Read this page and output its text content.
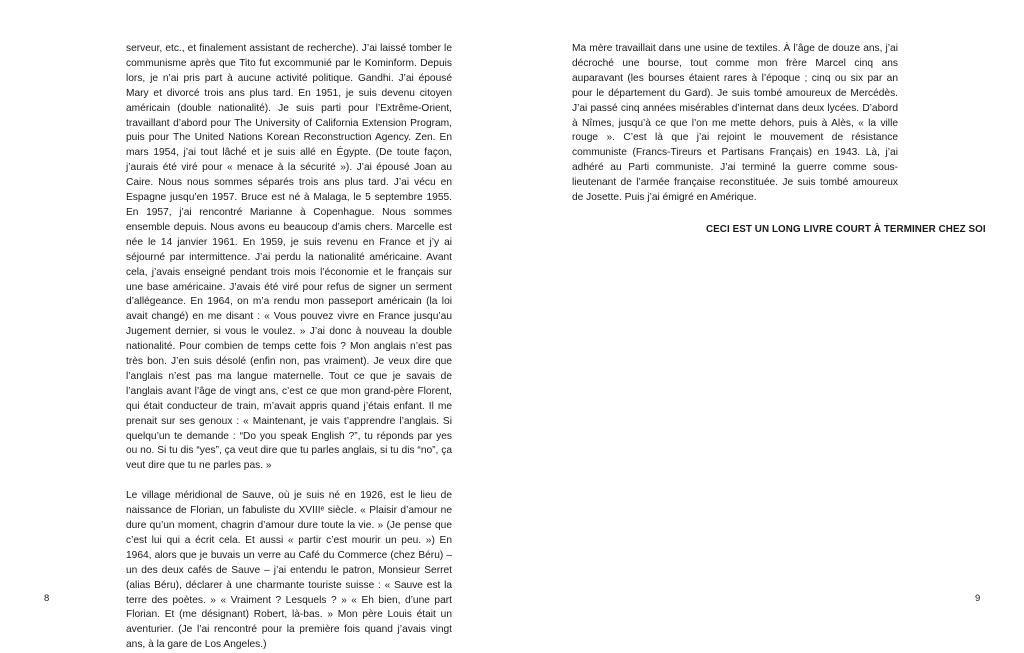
serveur, etc., et finalement assistant de recherche). J’ai laissé tomber le communisme après que Tito fut excommunié par le Kominform. Depuis lors, je n’ai pris part à aucune activité politique. Gandhi. J’ai épousé Mary et divorcé trois ans plus tard. En 1951, je suis devenu citoyen américain (double nationalité). Je suis parti pour l’Extrême-Orient, travaillant d’abord pour The University of California Extension Program, puis pour The United Nations Korean Reconstruction Agency. Zen. En mars 1954, j’ai tout lâché et je suis allé en Égypte. (De toute façon, j’aurais été viré pour « menace à la sécurité »). J’ai épousé Joan au Caire. Nous nous sommes séparés trois ans plus tard. J’ai vécu en Espagne jusqu’en 1957. Bruce est né à Malaga, le 5 septembre 1955. En 1957, j’ai rencontré Marianne à Copenhague. Nous sommes ensemble depuis. Nous avons eu beaucoup d’amis chers. Marcelle est née le 14 janvier 1961. En 1959, je suis revenu en France et j’y ai séjourné par intermittence. J’ai perdu la nationalité américaine. Avant cela, j’avais enseigné pendant trois mois l’économie et le français sur une base américaine. J’avais été viré pour refus de signer un serment d’allégeance. En 1964, on m’a rendu mon passeport américain (la loi avait changé) en me disant : « Vous pouvez vivre en France jusqu’au Jugement dernier, si vous le voulez. » J’ai donc à nouveau la double nationalité. Pour combien de temps cette fois ? Mon anglais n’est pas très bon. J’en suis désolé (enfin non, pas vraiment). Je veux dire que l’anglais n’est pas ma langue maternelle. Tout ce que je savais de l’anglais avant l’âge de vingt ans, c’est ce que mon grand-père Florent, qui était conducteur de train, m’avait appris quand j’étais enfant. Il me prenait sur ses genoux : « Maintenant, je vais t’apprendre l’anglais. Si quelqu’un te demande : “Do you speak English ?”, tu réponds par yes ou no. Si tu dis “yes”, ça veut dire que tu parles anglais, si tu dis “no”, ça veut dire que tu ne parles pas. »

Le village méridional de Sauve, où je suis né en 1926, est le lieu de naissance de Florian, un fabuliste du XVIIIᵉ siècle. « Plaisir d’amour ne dure qu’un moment, chagrin d’amour dure toute la vie. » (Je pense que c’est lui qui a écrit cela. Et aussi « partir c’est mourir un peu. ») En 1964, alors que je buvais un verre au Café du Commerce (chez Béru) – un des deux cafés de Sauve – j’ai entendu le patron, Monsieur Serret (alias Béru), déclarer à une charmante touriste suisse : « Sauve est la terre des poètes. » « Vraiment ? Lesquels ? » « Eh bien, d’une part Florian. Et (me désignant) Robert, là-bas. » Mon père Louis était un aventurier. (Je l’ai rencontré pour la première fois quand j’avais vingt ans, à la gare de Los Angeles.)

8

Ma mère travaillait dans une usine de textiles. À l’âge de douze ans, j’ai décroché une bourse, tout comme mon frère Marcel cinq ans auparavant (les bourses étaient rares à l’époque ; cinq ou six par an pour le département du Gard). Je suis tombé amoureux de Mercédès. J’ai passé cinq années misérables d’internat dans deux lycées. D’abord à Nîmes, jusqu’à ce que l’on me mette dehors, puis à Alès, « la ville rouge ». C’est là que j’ai rejoint le mouvement de résistance communiste (Francs-Tireurs et Partisans Français) en 1943. Là, j’ai adhéré au Parti communiste. J’ai terminé la guerre comme sous-lieutenant de l’armée française reconstituée. Je suis tombé amoureux de Josette. Puis j’ai émigré en Amérique.

CECI EST UN LONG LIVRE COURT À TERMINER CHEZ SOI
9
